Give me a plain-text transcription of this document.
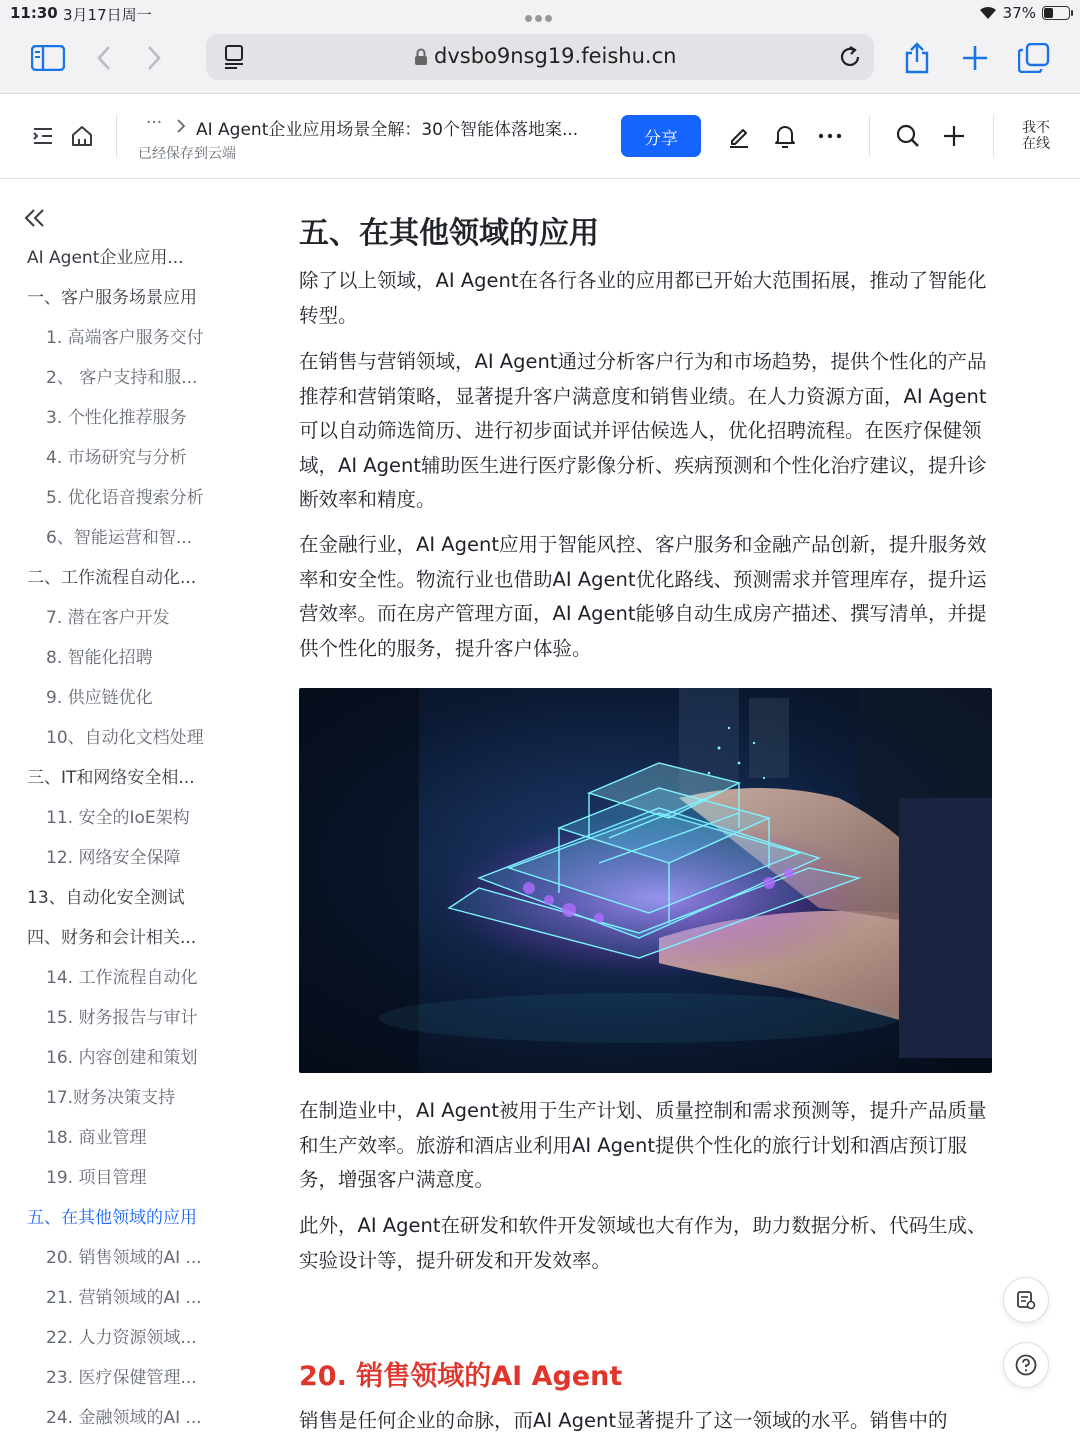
11:30 3月17日周一	37%
dvsbo9nsg19.feishu.cn
··· AI Agent企业应用场景全解：30个智能体落地案...
已经保存到云端
分享
我不在线
AI Agent企业应用...
一、客户服务场景应用
1. 高端客户服务交付
2、 客户支持和服...
3. 个性化推荐服务
4. 市场研究与分析
5. 优化语音搜索分析
6、智能运营和智...
二、工作流程自动化...
7. 潜在客户开发
8. 智能化招聘
9. 供应链优化
10、自动化文档处理
三、IT和网络安全相...
11. 安全的IoE架构
12. 网络安全保障
13、自动化安全测试
四、财务和会计相关...
14. 工作流程自动化
15. 财务报告与审计
16. 内容创建和策划
17.财务决策支持
18. 商业管理
19. 项目管理
五、在其他领域的应用
20. 销售领域的AI ...
21. 营销领域的AI ...
22. 人力资源领域...
23. 医疗保健管理...
24. 金融领域的AI ...
五、在其他领域的应用

除了以上领域，AI Agent在各行各业的应用都已开始大范围拓展，推动了智能化转型。

在销售与营销领域，AI Agent通过分析客户行为和市场趋势，提供个性化的产品推荐和营销策略，显著提升客户满意度和销售业绩。在人力资源方面，AI Agent可以自动筛选简历、进行初步面试并评估候选人，优化招聘流程。在医疗保健领域，AI Agent辅助医生进行医疗影像分析、疾病预测和个性化治疗建议，提升诊断效率和精度。

在金融行业，AI Agent应用于智能风控、客户服务和金融产品创新，提升服务效率和安全性。物流行业也借助AI Agent优化路线、预测需求并管理库存，提升运营效率。而在房产管理方面，AI Agent能够自动生成房产描述、撰写清单，并提供个性化的服务，提升客户体验。

在制造业中，AI Agent被用于生产计划、质量控制和需求预测等，提升产品质量和生产效率。旅游和酒店业利用AI Agent提供个性化的旅行计划和酒店预订服务，增强客户满意度。

此外，AI Agent在研发和软件开发领域也大有作为，助力数据分析、代码生成、实验设计等，提升研发和开发效率。

20. 销售领域的AI Agent

销售是任何企业的命脉，而AI Agent显著提升了这一领域的水平。销售中的
